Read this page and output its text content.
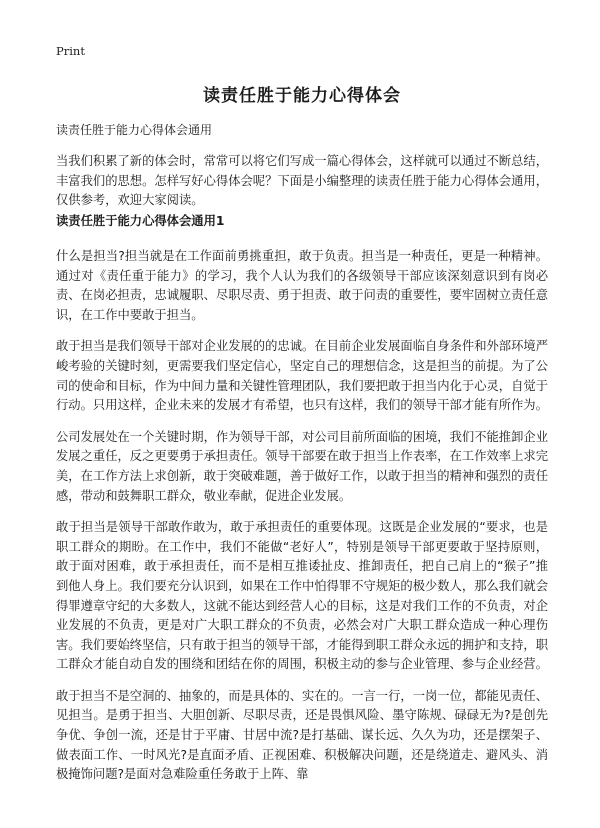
Print
读责任胜于能力心得体会

读责任胜于能力心得体会通用

当我们积累了新的体会时，常常可以将它们写成一篇心得体会，这样就可以通过不断总结，丰富我们的思想。怎样写好心得体会呢？下面是小编整理的读责任胜于能力心得体会通用，仅供参考，欢迎大家阅读。

读责任胜于能力心得体会通用1

什么是担当?担当就是在工作面前勇挑重担，敢于负责。担当是一种责任，更是一种精神。通过对《责任重于能力》的学习，我个人认为我们的各级领导干部应该深刻意识到有岗必责、在岗必担责，忠诚履职、尽职尽责、勇于担责、敢于问责的重要性，要牢固树立责任意识，在工作中要敢于担当。

敢于担当是我们领导干部对企业发展的的忠诚。在目前企业发展面临自身条件和外部环境严峻考验的关键时刻，更需要我们坚定信心，坚定自己的理想信念，这是担当的前提。为了公司的使命和目标，作为中间力量和关键性管理团队，我们要把敢于担当内化于心灵，自觉于行动。只用这样，企业未来的发展才有希望，也只有这样，我们的领导干部才能有所作为。

公司发展处在一个关键时期，作为领导干部，对公司目前所面临的困境，我们不能推卸企业发展之重任，反之更要勇于承担责任。领导干部要在敢于担当上作表率，在工作效率上求完美，在工作方法上求创新，敢于突破难题，善于做好工作，以敢于担当的精神和强烈的责任感，带动和鼓舞职工群众，敬业奉献，促进企业发展。

敢于担当是领导干部敢作敢为，敢于承担责任的重要体现。这既是企业发展的“要求，也是职工群众的期盼。在工作中，我们不能做“老好人”，特别是领导干部更要敢于坚持原则，敢于面对困难，敢于承担责任，而不是相互推诿扯皮、推卸责任，把自己肩上的“猴子”推到他人身上。我们要充分认识到，如果在工作中怕得罪不守规矩的极少数人，那么我们就会得罪遵章守纪的大多数人，这就不能达到经营人心的目标，这是对我们工作的不负责，对企业发展的不负责，更是对广大职工群众的不负责，必然会对广大职工群众造成一种心理伤害。我们要始终坚信，只有敢于担当的领导干部，才能得到职工群众永远的拥护和支持，职工群众才能自动自发的围绕和团结在你的周围，积极主动的参与企业管理、参与企业经营。

敢于担当不是空洞的、抽象的，而是具体的、实在的。一言一行，一岗一位，都能见责任、见担当。是勇于担当、大胆创新、尽职尽责，还是畏惧风险、墨守陈规、碌碌无为?是创先争优、争创一流，还是甘于平庸、甘居中流?是打基础、谋长远、久久为功，还是摆架子、做表面工作、一时风光?是直面矛盾、正视困难、积极解决问题，还是绕道走、避风头、消极掩饰问题?是面对急难险重任务敢于上阵、靠
